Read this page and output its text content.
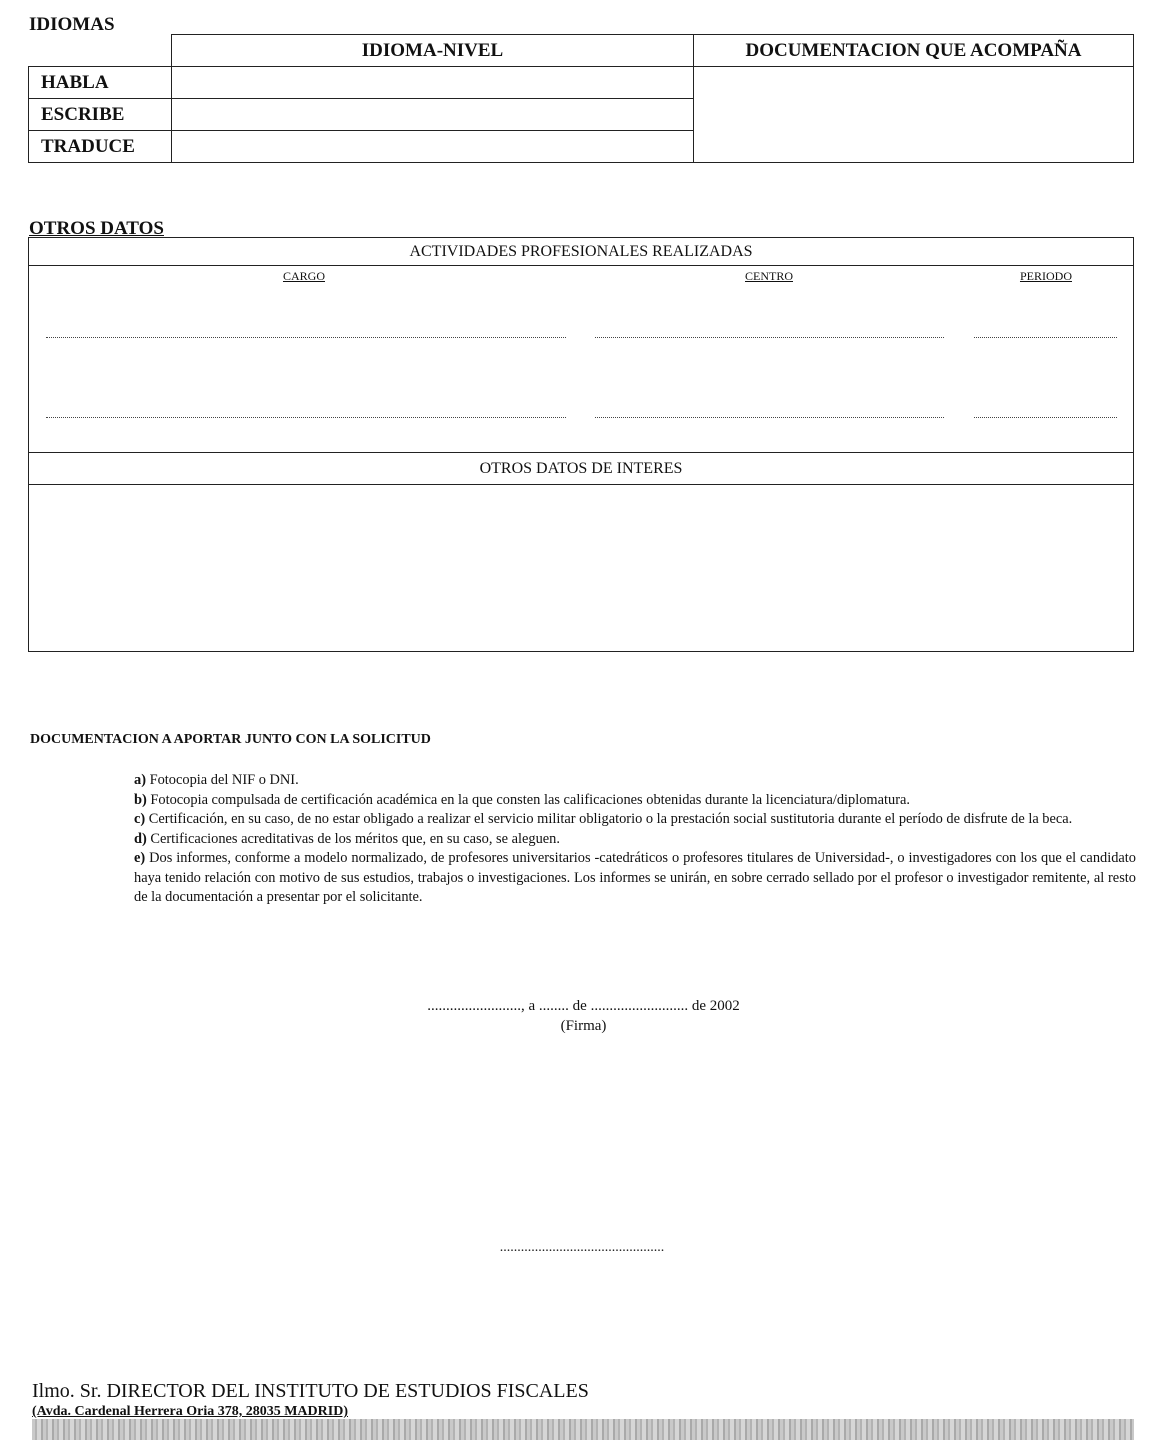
IDIOMAS
IDIOMA-NIVEL	DOCUMENTACION QUE ACOMPAÑA
HABLA
ESCRIBE
TRADUCE
OTROS DATOS
ACTIVIDADES PROFESIONALES REALIZADAS
CARGO	CENTRO	PERIODO
OTROS DATOS DE INTERES
DOCUMENTACION A APORTAR JUNTO CON LA SOLICITUD

a) Fotocopia del NIF o DNI.

b) Fotocopia compulsada de certificación académica en la que consten las calificaciones obtenidas durante la licenciatura/diplomatura.

c) Certificación, en su caso, de no estar obligado a realizar el servicio militar obligatorio o la prestación social sustitutoria durante el período de disfrute de la beca.

d) Certificaciones acreditativas de los méritos que, en su caso, se aleguen.

e) Dos informes, conforme a modelo normalizado, de profesores universitarios -catedráticos o profesores titulares de Universidad-, o investigadores con los que el candidato haya tenido relación con motivo de sus estudios, trabajos o investigaciones. Los informes se unirán, en sobre cerrado sellado por el profesor o investigador remitente, al resto de la documentación a presentar por el solicitante.

........................., a ........ de .......................... de 2002
(Firma)
...............................................
Ilmo. Sr. DIRECTOR DEL INSTITUTO DE ESTUDIOS FISCALES
(Avda. Cardenal Herrera Oria 378, 28035 MADRID)
